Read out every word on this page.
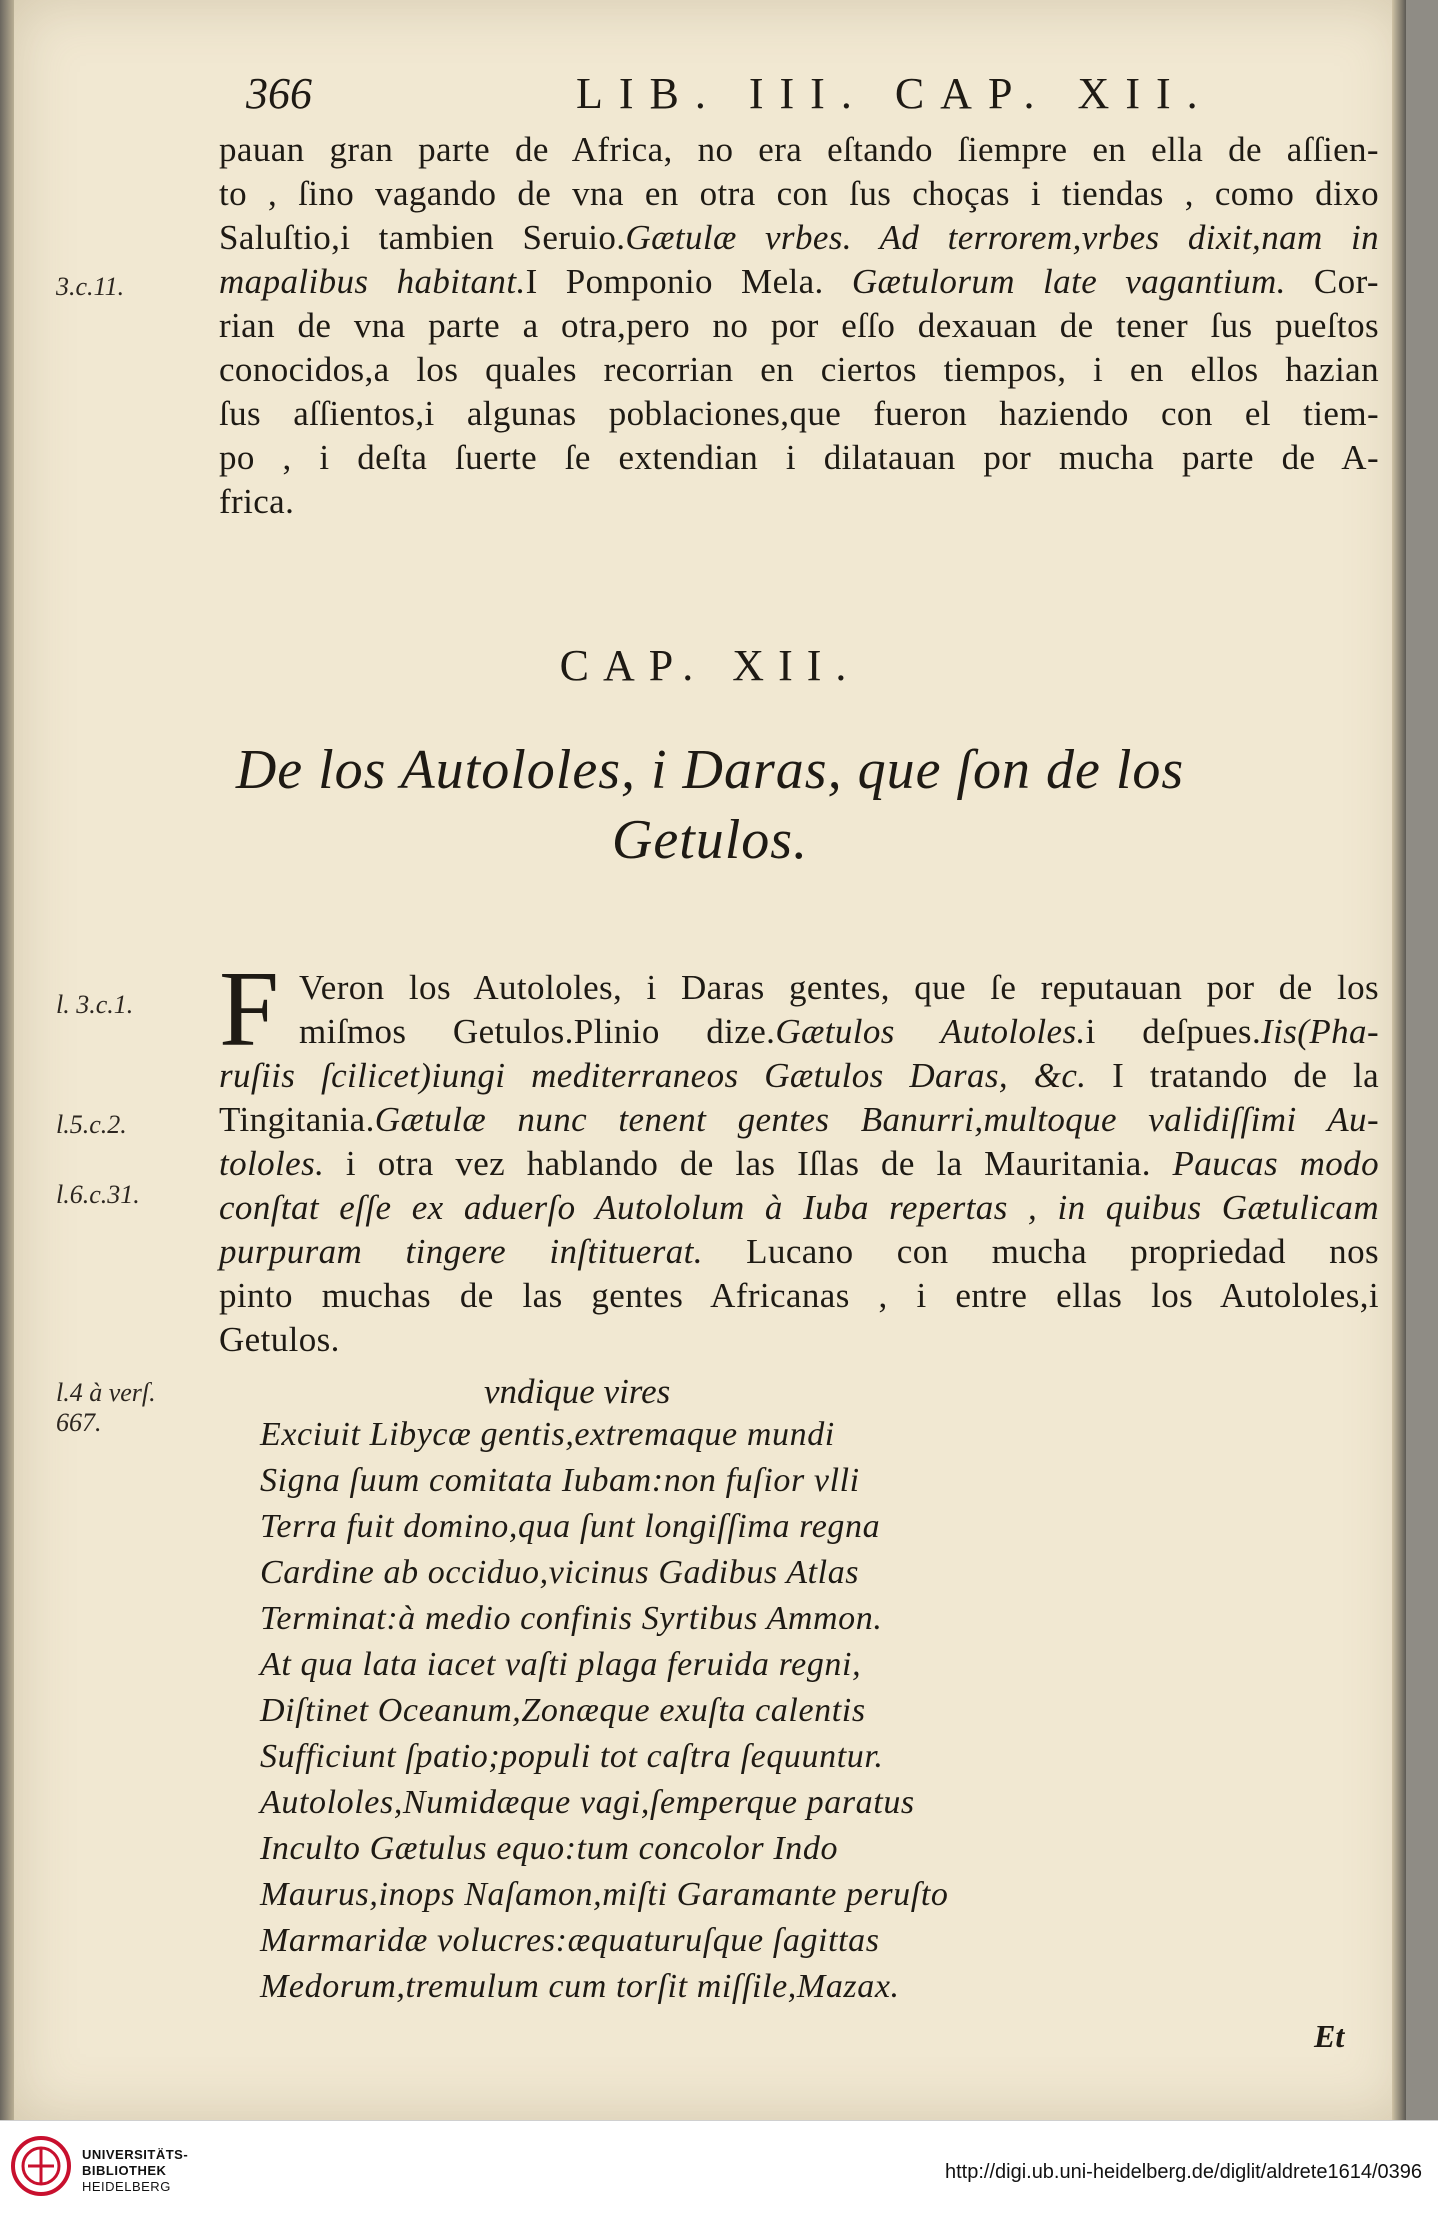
366	LIB. III. CAP. XII.
pauan gran parte de Africa, no era eſtando ſiempre en ella de aſſien-
to , ſino vagando de vna en otra con ſus choças i tiendas , como dixo
Saluſtio,i tambien Seruio.Gætulæ vrbes. Ad terrorem,vrbes dixit,nam in
mapalibus habitant.I Pomponio Mela. Gætulorum late vagantium. Cor-
rian de vna parte a otra,pero no por eſſo dexauan de tener ſus pueſtos
conocidos,a los quales recorrian en ciertos tiempos, i en ellos hazian
ſus aſſientos,i algunas poblaciones,que fueron haziendo con el tiem-
po , i deſta ſuerte ſe extendian i dilatauan por mucha parte de A-
frica.
3.c.11.
CAP. XII.
De los Autololes, i Daras, que ſon de los
Getulos.
F Veron los Autololes, i Daras gentes, que ſe reputauan por de los
miſmos Getulos.Plinio dize.Gætulos Autololes.i deſpues.Iis(Pha-
ruſiis ſcilicet)iungi mediterraneos Gætulos Daras, &c. I tratando de la
Tingitania.Gætulæ nunc tenent gentes Banurri,multoque validiſſimi Au-
tololes. i otra vez hablando de las Iſlas de la Mauritania. Paucas modo
conſtat eſſe ex aduerſo Autololum à Iuba repertas , in quibus Gætulicam
purpuram tingere inſtituerat. Lucano con mucha propriedad nos
pinto muchas de las gentes Africanas , i entre ellas los Autololes,i
Getulos.
l. 3.c.1.
l.5.c.2.
l.6.c.31.
l.4 à verſ.
667.
vndique vires
Exciuit Libycæ gentis,extremaque mundi
Signa ſuum comitata Iubam:non fuſior vlli
Terra fuit domino,qua ſunt longiſſima regna
Cardine ab occiduo,vicinus Gadibus Atlas
Terminat:à medio confinis Syrtibus Ammon.
At qua lata iacet vaſti plaga feruida regni,
Diſtinet Oceanum,Zonæque exuſta calentis
Sufficiunt ſpatio;populi tot caſtra ſequuntur.
Autololes,Numidæque vagi,ſemperque paratus
Inculto Gætulus equo:tum concolor Indo
Maurus,inops Naſamon,miſti Garamante peruſto
Marmaridæ volucres:æquaturuſque ſagittas
Medorum,tremulum cum torſit miſſile,Mazax.
Et
UNIVERSITÄTS-
BIBLIOTHEK
HEIDELBERG
http://digi.ub.uni-heidelberg.de/diglit/aldrete1614/0396
